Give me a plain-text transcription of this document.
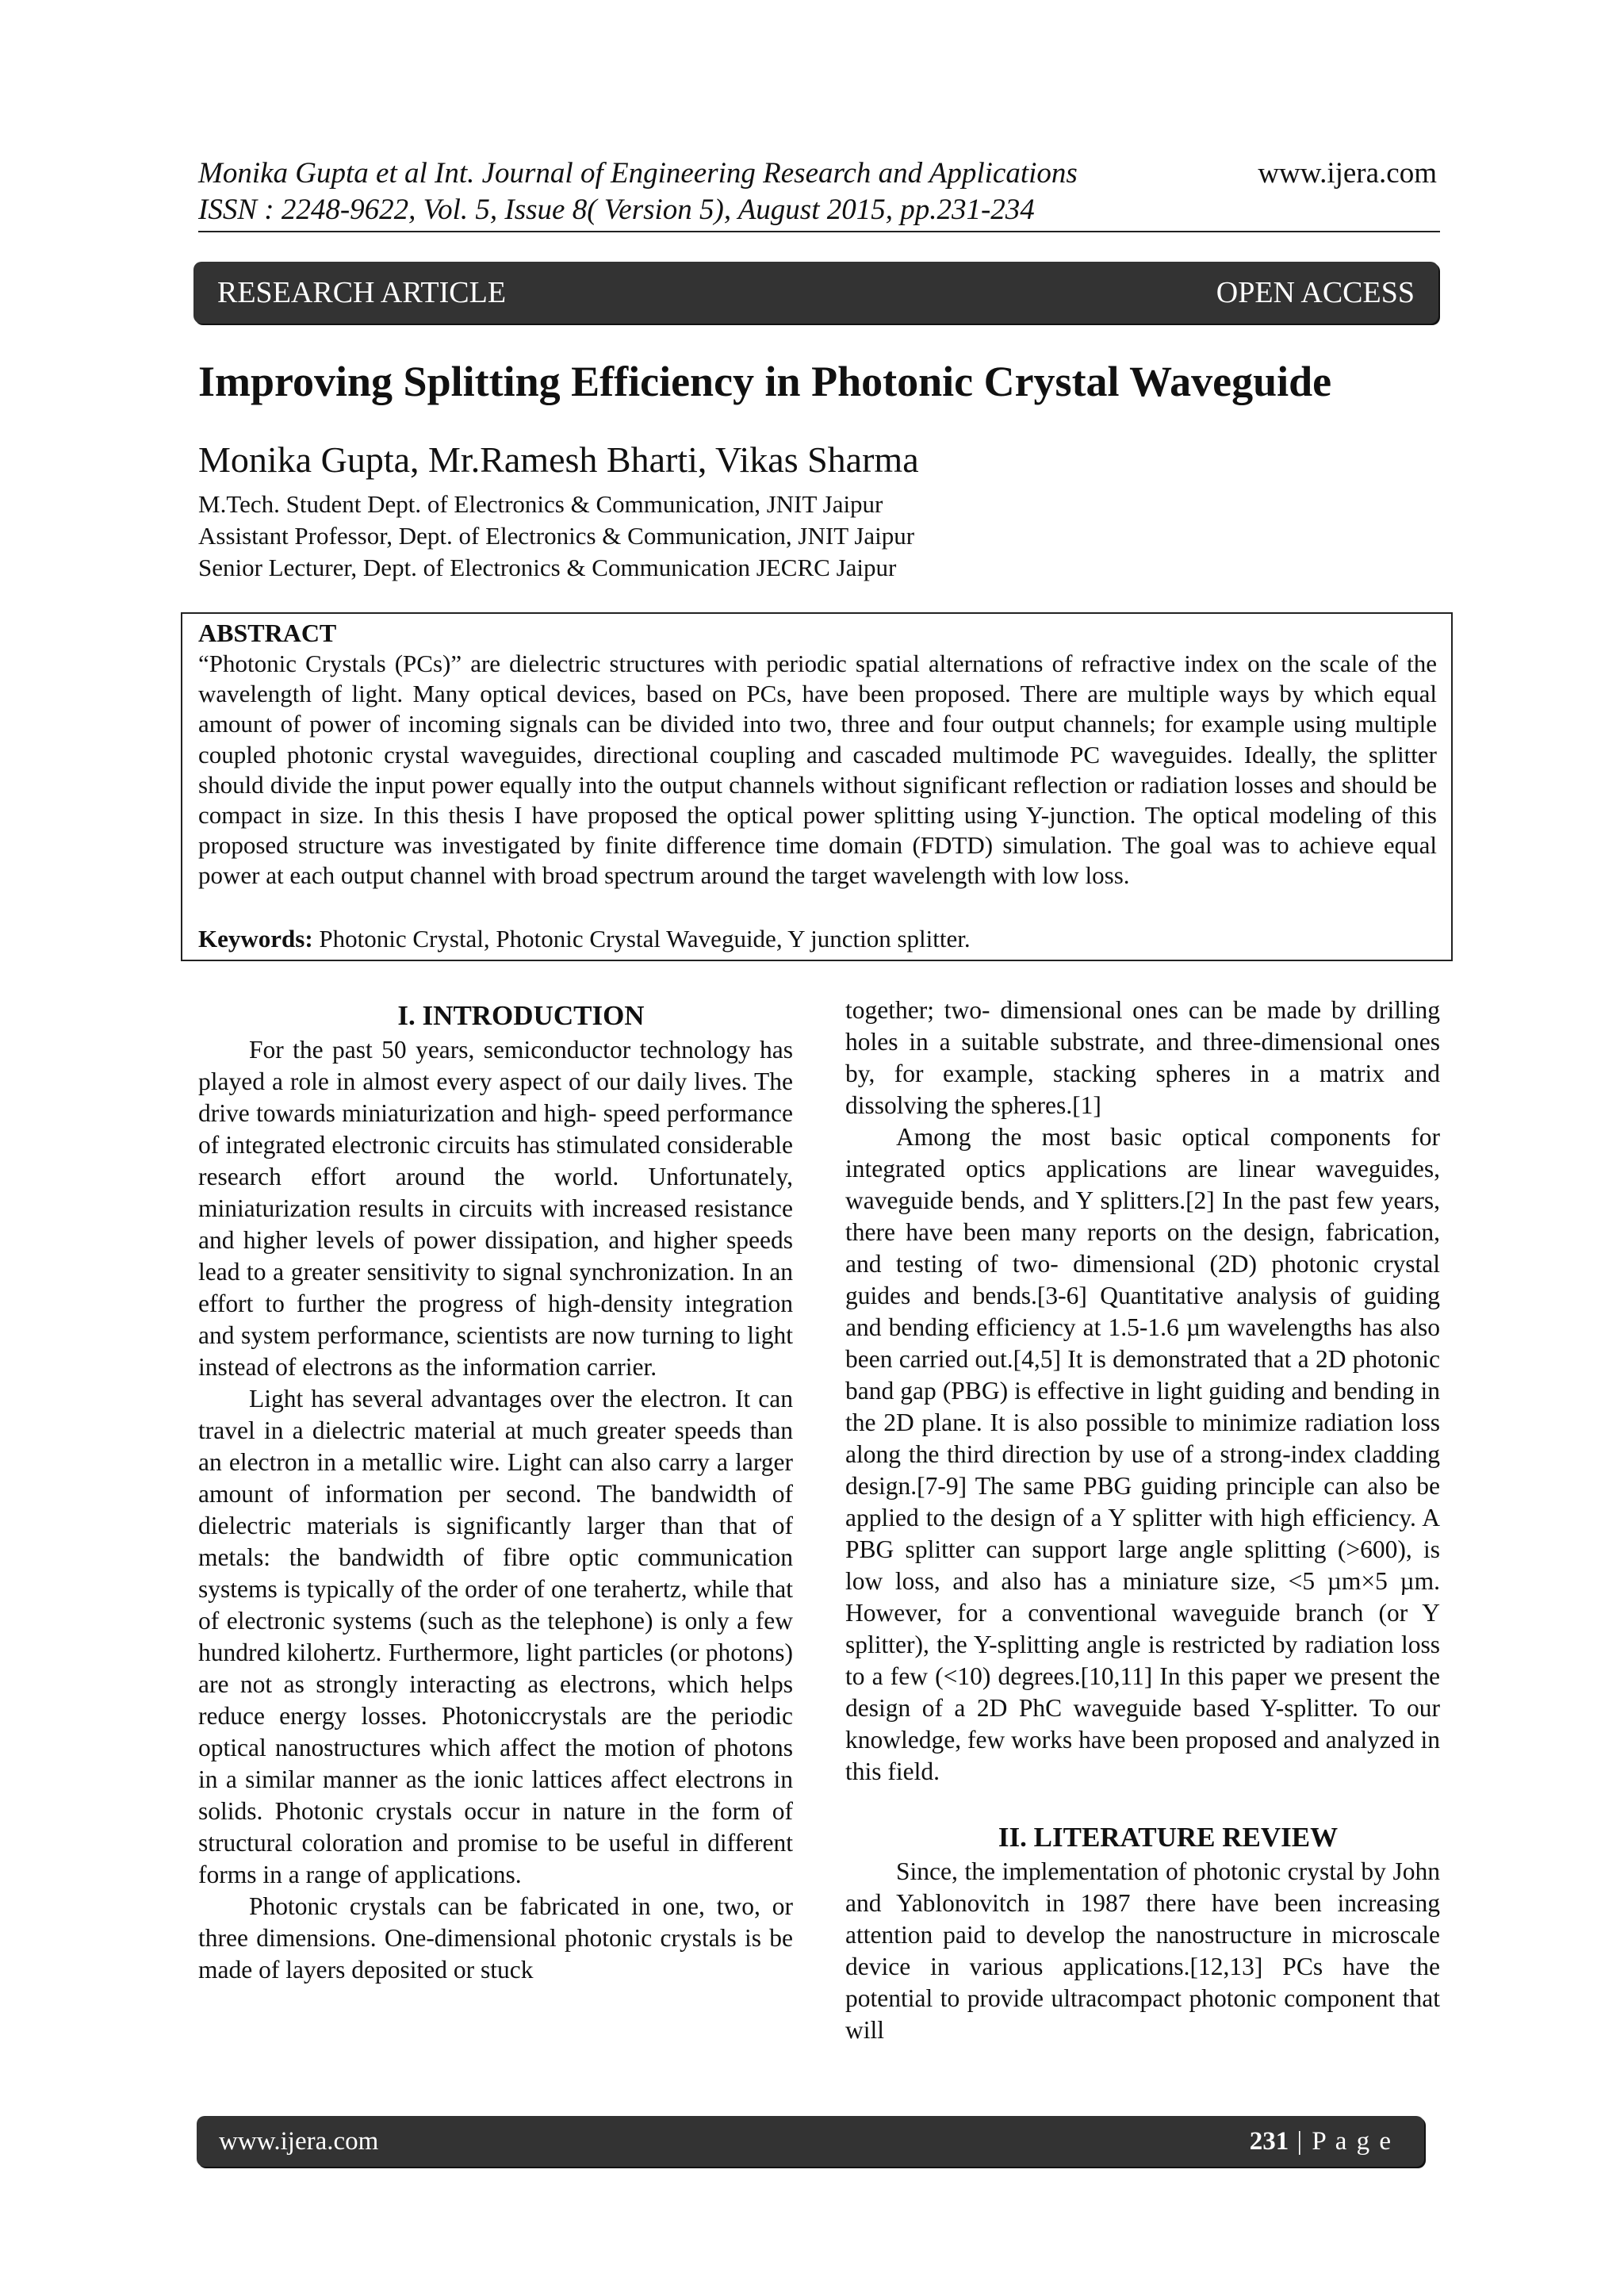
Monika Gupta et al Int. Journal of Engineering Research and Applications
ISSN : 2248-9622, Vol. 5, Issue 8( Version 5), August 2015, pp.231-234
www.ijera.com
RESEARCH ARTICLE	OPEN ACCESS
Improving Splitting Efficiency in Photonic Crystal Waveguide
Monika Gupta, Mr.Ramesh Bharti, Vikas Sharma
M.Tech. Student Dept. of Electronics & Communication, JNIT Jaipur
Assistant Professor, Dept. of Electronics & Communication, JNIT Jaipur
Senior Lecturer, Dept. of Electronics & Communication JECRC Jaipur
ABSTRACT
“Photonic Crystals (PCs)” are dielectric structures with periodic spatial alternations of refractive index on the scale of the wavelength of light. Many optical devices, based on PCs, have been proposed. There are multiple ways by which equal amount of power of incoming signals can be divided into two, three and four output channels; for example using multiple coupled photonic crystal waveguides, directional coupling and cascaded multimode PC waveguides. Ideally, the splitter should divide the input power equally into the output channels without significant reflection or radiation losses and should be compact in size. In this thesis I have proposed the optical power splitting using Y-junction. The optical modeling of this proposed structure was investigated by finite difference time domain (FDTD) simulation. The goal was to achieve equal power at each output channel with broad spectrum around the target wavelength with low loss.
Keywords: Photonic Crystal, Photonic Crystal Waveguide, Y junction splitter.

I. INTRODUCTION

For the past 50 years, semiconductor technology has played a role in almost every aspect of our daily lives. The drive towards miniaturization and high- speed performance of integrated electronic circuits has stimulated considerable research effort around the world. Unfortunately, miniaturization results in circuits with increased resistance and higher levels of power dissipation, and higher speeds lead to a greater sensitivity to signal synchronization. In an effort to further the progress of high-density integration and system performance, scientists are now turning to light instead of electrons as the information carrier.

Light has several advantages over the electron. It can travel in a dielectric material at much greater speeds than an electron in a metallic wire. Light can also carry a larger amount of information per second. The bandwidth of dielectric materials is significantly larger than that of metals: the bandwidth of fibre optic communication systems is typically of the order of one terahertz, while that of electronic systems (such as the telephone) is only a few hundred kilohertz. Furthermore, light particles (or photons) are not as strongly interacting as electrons, which helps reduce energy losses. Photoniccrystals are the periodic optical nanostructures which affect the motion of photons in a similar manner as the ionic lattices affect electrons in solids. Photonic crystals occur in nature in the form of structural coloration and promise to be useful in different forms in a range of applications.

Photonic crystals can be fabricated in one, two, or three dimensions. One-dimensional photonic crystals is be made of layers deposited or stuck

together; two- dimensional ones can be made by drilling holes in a suitable substrate, and three-dimensional ones by, for example, stacking spheres in a matrix and dissolving the spheres.[1]

Among the most basic optical components for integrated optics applications are linear waveguides, waveguide bends, and Y splitters.[2] In the past few years, there have been many reports on the design, fabrication, and testing of two- dimensional (2D) photonic crystal guides and bends.[3-6] Quantitative analysis of guiding and bending efficiency at 1.5-1.6 µm wavelengths has also been carried out.[4,5] It is demonstrated that a 2D photonic band gap (PBG) is effective in light guiding and bending in the 2D plane. It is also possible to minimize radiation loss along the third direction by use of a strong-index cladding design.[7-9] The same PBG guiding principle can also be applied to the design of a Y splitter with high efficiency. A PBG splitter can support large angle splitting (>600), is low loss, and also has a miniature size, <5 µm×5 µm. However, for a conventional waveguide branch (or Y splitter), the Y-splitting angle is restricted by radiation loss to a few (<10) degrees.[10,11] In this paper we present the design of a 2D PhC waveguide based Y-splitter. To our knowledge, few works have been proposed and analyzed in this field.

II. LITERATURE REVIEW

Since, the implementation of photonic crystal by John and Yablonovitch in 1987 there have been increasing attention paid to develop the nanostructure in microscale device in various applications.[12,13] PCs have the potential to provide ultracompact photonic component that will

www.ijera.com	231 | P a g e
